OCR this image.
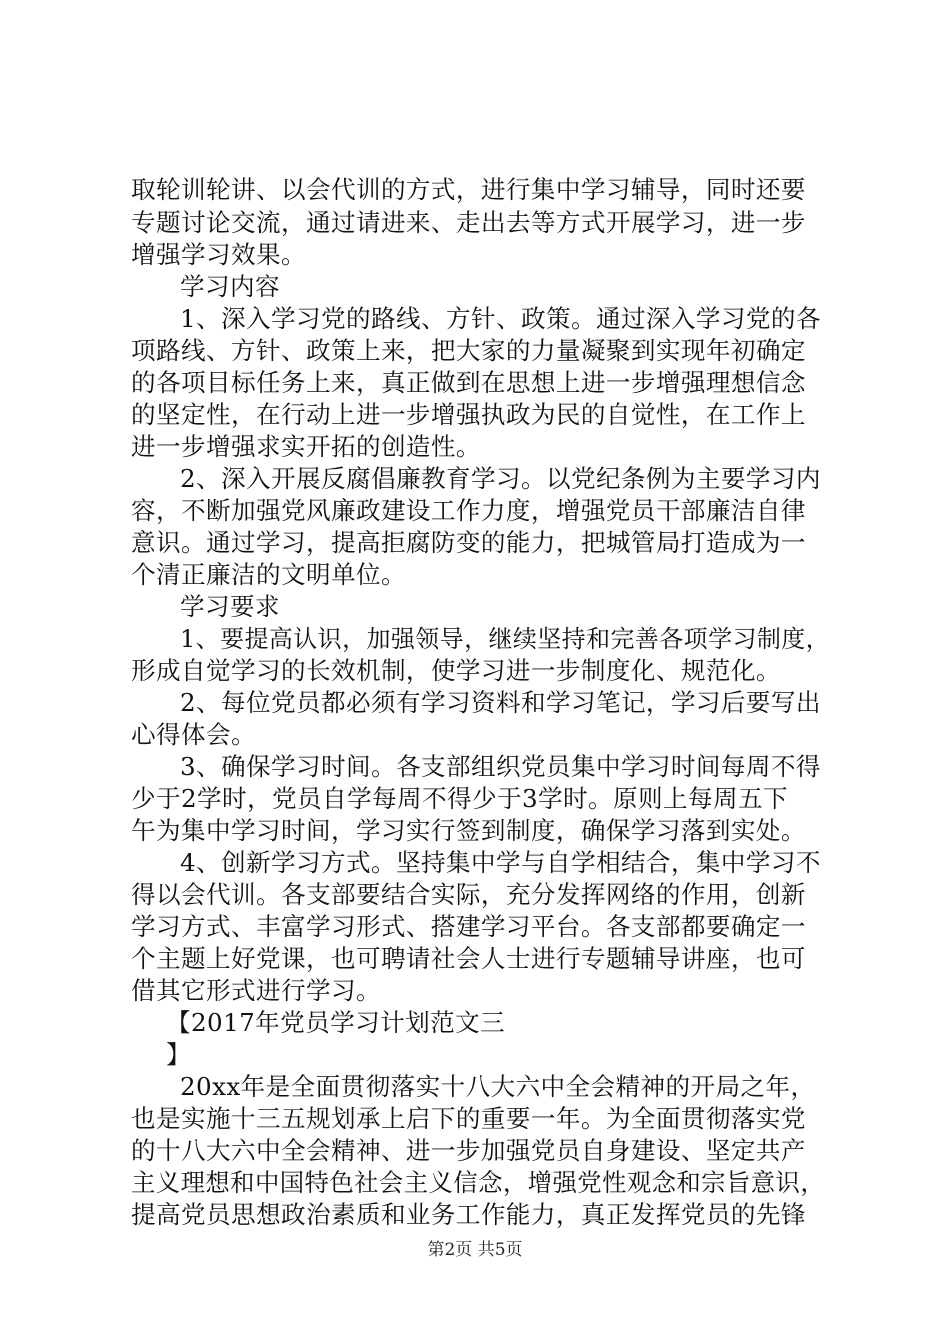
取轮训轮讲、以会代训的方式，进行集中学习辅导，同时还要
专题讨论交流，通过请进来、走出去等方式开展学习，进一步
增强学习效果。
学习内容
1、深入学习党的路线、方针、政策。通过深入学习党的各
项路线、方针、政策上来，把大家的力量凝聚到实现年初确定
的各项目标任务上来，真正做到在思想上进一步增强理想信念
的坚定性，在行动上进一步增强执政为民的自觉性，在工作上
进一步增强求实开拓的创造性。
2、深入开展反腐倡廉教育学习。以党纪条例为主要学习内
容，不断加强党风廉政建设工作力度，增强党员干部廉洁自律
意识。通过学习，提高拒腐防变的能力，把城管局打造成为一
个清正廉洁的文明单位。
学习要求
1、要提高认识，加强领导，继续坚持和完善各项学习制度，
形成自觉学习的长效机制，使学习进一步制度化、规范化。
2、每位党员都必须有学习资料和学习笔记，学习后要写出
心得体会。
3、确保学习时间。各支部组织党员集中学习时间每周不得
少于2学时，党员自学每周不得少于3学时。原则上每周五下
午为集中学习时间，学习实行签到制度，确保学习落到实处。
4、创新学习方式。坚持集中学与自学相结合，集中学习不
得以会代训。各支部要结合实际，充分发挥网络的作用，创新
学习方式、丰富学习形式、搭建学习平台。各支部都要确定一
个主题上好党课，也可聘请社会人士进行专题辅导讲座，也可
借其它形式进行学习。
【2017年党员学习计划范文三
】
20xx年是全面贯彻落实十八大六中全会精神的开局之年，
也是实施十三五规划承上启下的重要一年。为全面贯彻落实党
的十八大六中全会精神、进一步加强党员自身建设、坚定共产
主义理想和中国特色社会主义信念，增强党性观念和宗旨意识，
提高党员思想政治素质和业务工作能力，真正发挥党员的先锋
第2页 共5页
